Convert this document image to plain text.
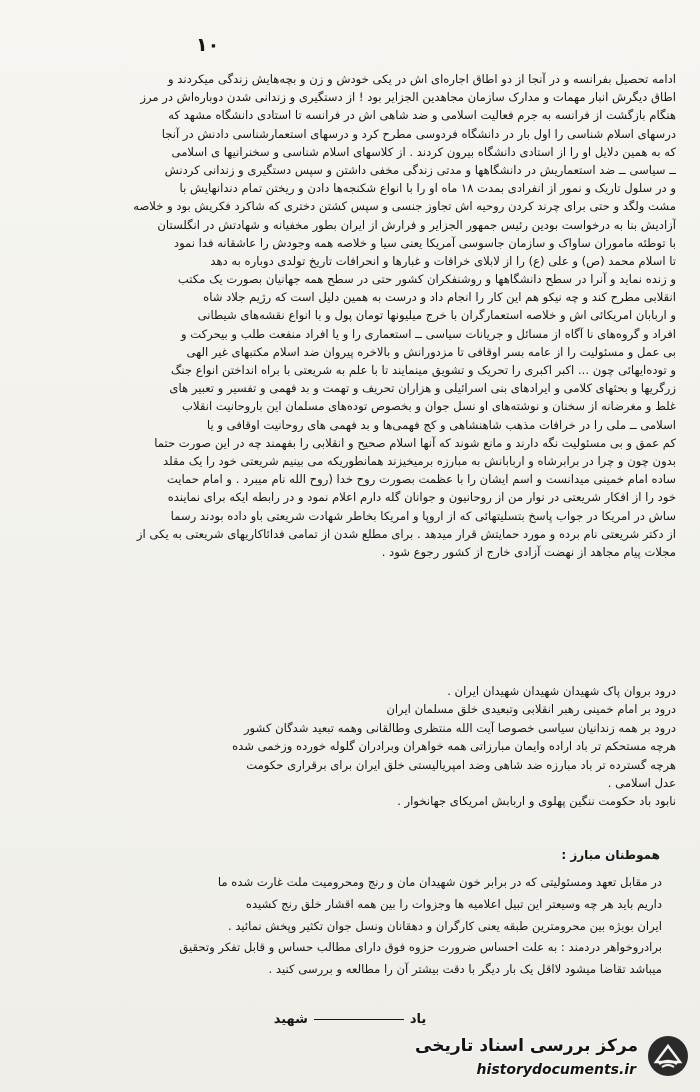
۱۰
ادامه تحصیل بفرانسه و در آنجا از دو اطاق اجاره‌ای اش در یکی خودش و زن و بچه‌هایش زندگی میکردند و
اطاق دیگرش انبار مهمات و مدارک سازمان مجاهدین الجزایر بود ! از دستگیری و زندانی شدن دوباره‌اش در مرز
هنگام بازگشت از فرانسه به جرم فعالیت اسلامی و ضد شاهی اش در فرانسه تا استادی دانشگاه مشهد که
درسهای اسلام شناسی را اول بار در دانشگاه فردوسی مطرح کرد و درسهای استعمارشناسی دادنش در آنجا
که به همین دلایل او را از استادی دانشگاه بیرون کردند . از کلاسهای اسلام شناسی و سخنرانیها ی اسلامی
ــ سیاسی ــ ضد استعماریش در دانشگاهها و مدتی زندگی مخفی داشتن و سپس دستگیری و زندانی کردنش
و در سلول تاریک و نمور از انفرادی بمدت ۱۸ ماه او را با انواع شکنجه‌ها دادن و ریختن تمام دندانهایش با
مشت ولگد و حتی برای چرند کردن روحیه اش تجاوز جنسی و سپس کشتن دختری که شاکرد فکریش بود و خلاصه
آزادیش بنا به درخواست بودین رئیس جمهور الجزایر و فرارش از ایران بطور مخفیانه و شهادتش در انگلستان
با توطئه ماموران ساواک و سازمان جاسوسی آمریکا یعنی سیا و خلاصه همه وجودش را عاشقانه فدا نمود
تا اسلام محمد (ص) و علی (ع) را از لابلای خرافات و غبارها و انحرافات تاریخ تولدی دوباره به دهد
و زنده نماید و آنرا در سطح دانشگاهها و روشنفکران کشور حتی در سطح همه جهانیان بصورت یک مکتب
انقلابی مطرح کند و چه نیکو هم این کار را انجام داد و درست به همین دلیل است که رژیم جلاد شاه
و اربابان امریکائی اش و خلاصه استعمارگران با خرج میلیونها تومان پول و با انواع نقشه‌های شیطانی
افراد و گروه‌های نا آگاه از مسائل و جریانات سیاسی ــ استعماری را و یا افراد منفعت طلب و بیحرکت و
بی عمل و مسئولیت را از عامه بسر اوقافی تا مزدورانش و بالاخره پیروان ضد اسلام مکتبهای غیر الهی
و تود‌ه‌ایهائی چون ... اکبر اکبری را تحریک و تشویق مینمایند تا با علم به شریعتی با براه انداختن انواع جنگ
زرگریها و بحثهای کلامی و ایرادهای بنی اسرائیلی و هزاران تحریف و تهمت و بد فهمی و تفسیر و تعبیر های
غلط و مغرضانه از سخنان و نوشته‌های او نسل جوان و بخصوص توده‌های مسلمان این باروحانیت انقلاب
اسلامی ــ ملی را در خرافات مذهب شاهنشاهی و کج فهمی‌ها و بد فهمی های روحانیت اوقافی و یا
کم عمق و بی مسئولیت نگه دارند و مانع شوند که آنها اسلام صحیح و انقلابی را بفهمند چه در این صورت حتما
بدون چون و چرا در برابرشاه و اربابانش به مبارزه برمیخیزند همانطوریکه می بینیم شریعتی خود را یک مقلد
ساده امام خمینی میدانست و اسم ایشان را با عظمت بصورت روح خدا (روح الله نام میبرد . و امام حمایت
خود را از افکار شریعتی در نوار من از روحانیون و جوانان گله دارم اعلام نمود و در رابطه ایکه برای نماینده
ساش در امریکا در جواب پاسخ بتسلیتهائی که از اروپا و امریکا بخاطر شهادت شریعتی باو داده بودند رسما
از دکتر شریعتی نام برده و مورد حمایتش قرار میدهد . برای مطلع شدن از تمامی فدائاکاریهای شریعتی به یکی از
مجلات پیام مجاهد از نهضت آزادی خارج از کشور رجوع شود .
درود بروان پاک شهیدان شهیدان شهیدان ایران .
درود بر امام خمینی رهبر انقلابی وتبعیدی خلق مسلمان ایران
درود بر همه زندانیان سیاسی خصوصا آیت الله منتظری وطالقانی وهمه تبعید شدگان کشور
هرچه مستحکم تر باد اراده وایمان مبارزاتی همه خواهران وبرادران گلوله خورده وزخمی شده
هرچه گسترده تر باد مبارزه ضد شاهی وضد امپریالیستی خلق ایران برای برقراری حکومت
عدل اسلامی .
نابود باد حکومت ننگین پهلوی و اربابش امریکای جهانخوار .
هموطنان مبارز :
در مقابل تعهد ومسئولیتی که در برابر خون شهیدان مان و رنج ومحرومیت ملت غارت شده ما
داریم باید هر چه وسیعتر این تبیل اعلامیه ها وجزوات را بین همه اقشار خلق رنج کشیده
ایران بویژه بین محرومترین طبقه یعنی کارگران و دهقانان ونسل جوان تکثیر وپخش نمائید .
برادروخواهر دردمند : به علت احساس ضرورت حزوه فوق دارای مطالب حساس و قابل تفکر وتحقیق
میباشد تقاضا میشود لااقل یک بار دیگر با دقت بیشتر آن را مطالعه و بررسی کنید .
یادشهید
مرکز بررسی اسناد تاریخی
historydocuments.ir
